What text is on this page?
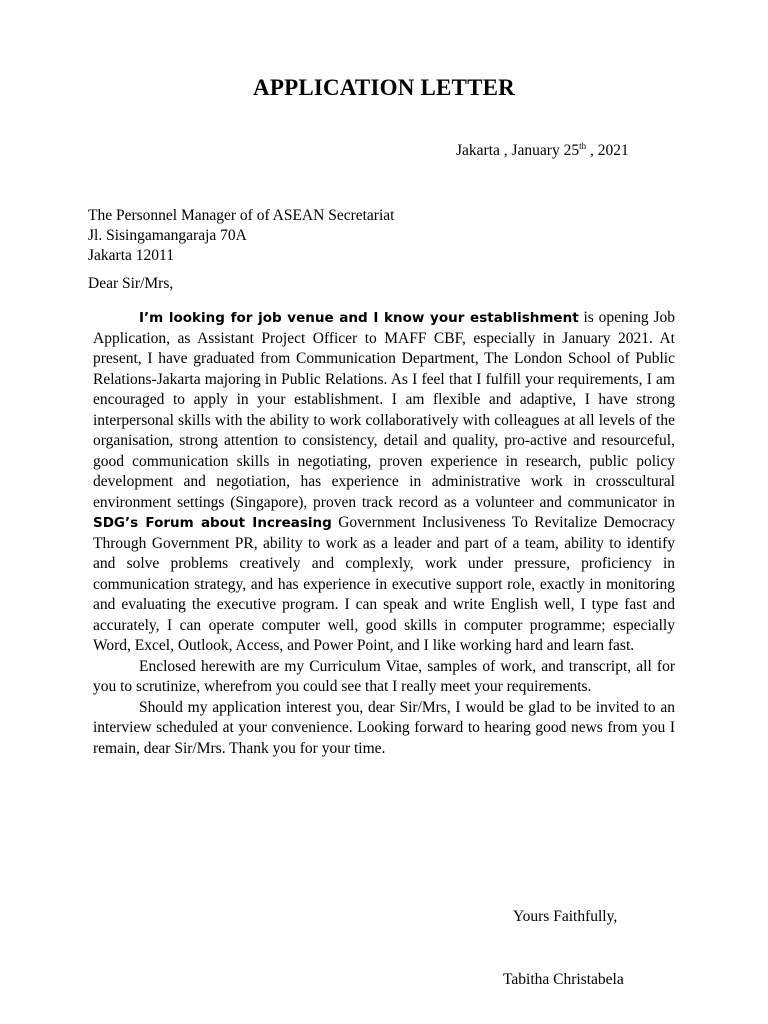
APPLICATION LETTER
Jakarta , January 25th , 2021
The Personnel Manager of of ASEAN Secretariat
Jl. Sisingamangaraja 70A
Jakarta 12011
Dear Sir/Mrs,

I’m looking for job venue and I know your establishment is opening Job Application, as Assistant Project Officer to MAFF CBF, especially in January 2021. At present, I have graduated from Communication Department, The London School of Public Relations-Jakarta majoring in Public Relations. As I feel that I fulfill your requirements, I am encouraged to apply in your establishment. I am flexible and adaptive, I have strong interpersonal skills with the ability to work collaboratively with colleagues at all levels of the organisation, strong attention to consistency, detail and quality, pro-active and resourceful, good communication skills in negotiating, proven experience in research, public policy development and negotiation, has experience in administrative work in crosscultural environment settings (Singapore), proven track record as a volunteer and communicator in SDG’s Forum about Increasing Government Inclusiveness To Revitalize Democracy Through Government PR, ability to work as a leader and part of a team, ability to identify and solve problems creatively and complexly, work under pressure, proficiency in communication strategy, and has experience in executive support role, exactly in monitoring and evaluating the executive program. I can speak and write English well, I type fast and accurately, I can operate computer well, good skills in computer programme; especially Word, Excel, Outlook, Access, and Power Point, and I like working hard and learn fast.

Enclosed herewith are my Curriculum Vitae, samples of work, and transcript, all for you to scrutinize, wherefrom you could see that I really meet your requirements.

Should my application interest you, dear Sir/Mrs, I would be glad to be invited to an interview scheduled at your convenience. Looking forward to hearing good news from you I remain, dear Sir/Mrs. Thank you for your time.

Yours Faithfully,
Tabitha Christabela
